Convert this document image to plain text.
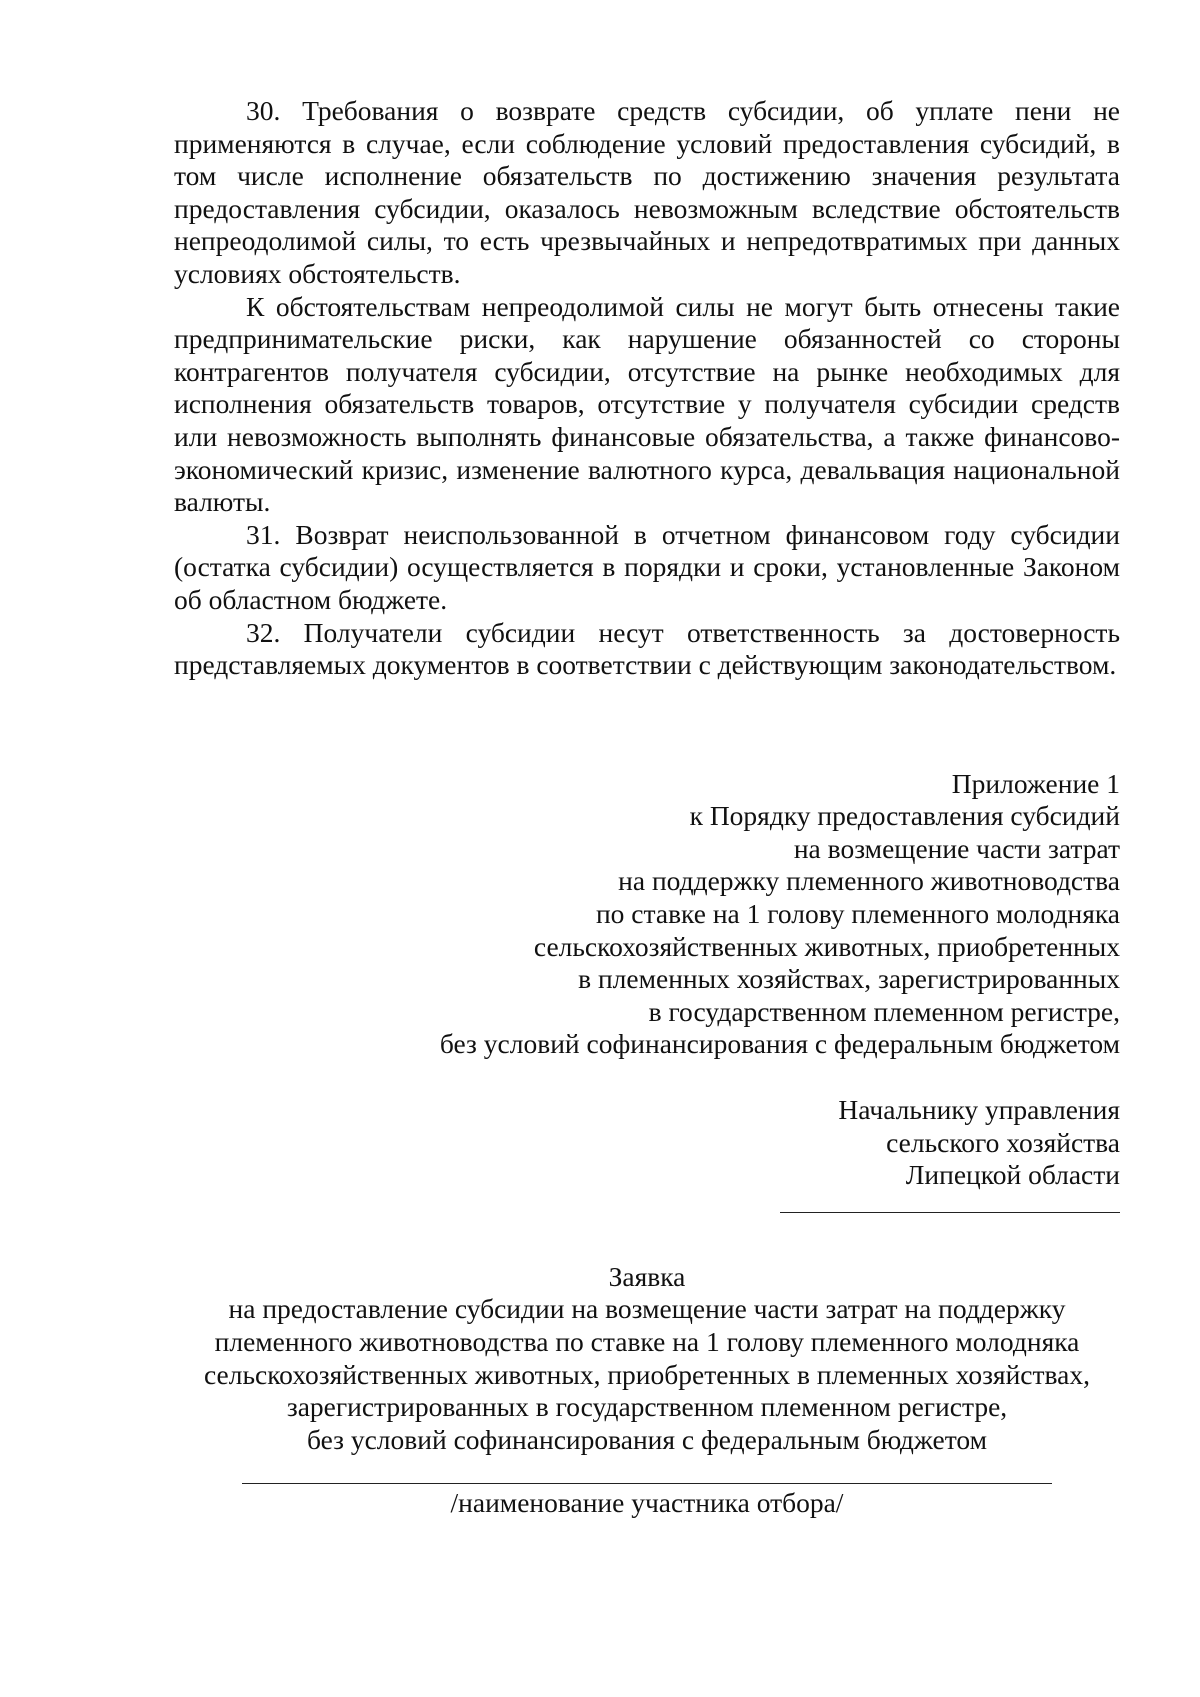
30. Требования о возврате средств субсидии, об уплате пени не применяются в случае, если соблюдение условий предоставления субсидий, в том числе исполнение обязательств по достижению значения результата предоставления субсидии, оказалось невозможным вследствие обстоятельств непреодолимой силы, то есть чрезвычайных и непредотвратимых при данных условиях обстоятельств.

К обстоятельствам непреодолимой силы не могут быть отнесены такие предпринимательские риски, как нарушение обязанностей со стороны контрагентов получателя субсидии, отсутствие на рынке необходимых для исполнения обязательств товаров, отсутствие у получателя субсидии средств или невозможность выполнять финансовые обязательства, а также финансово-экономический кризис, изменение валютного курса, девальвация национальной валюты.

31. Возврат неиспользованной в отчетном финансовом году субсидии (остатка субсидии) осуществляется в порядки и сроки, установленные Законом об областном бюджете.

32. Получатели субсидии несут ответственность за достоверность представляемых документов в соответствии с действующим законодательством.

Приложение 1
к Порядку предоставления субсидий
на возмещение части затрат
на поддержку племенного животноводства
по ставке на 1 голову племенного молодняка
сельскохозяйственных животных, приобретенных
в племенных хозяйствах, зарегистрированных
в государственном племенном регистре,
без условий софинансирования с федеральным бюджетом
Начальнику управления
сельского хозяйства
Липецкой области
Заявка
на предоставление субсидии на возмещение части затрат на поддержку
племенного животноводства по ставке на 1 голову племенного молодняка
сельскохозяйственных животных, приобретенных в племенных хозяйствах,
зарегистрированных в государственном племенном регистре,
без условий софинансирования с федеральным бюджетом
/наименование участника отбора/
